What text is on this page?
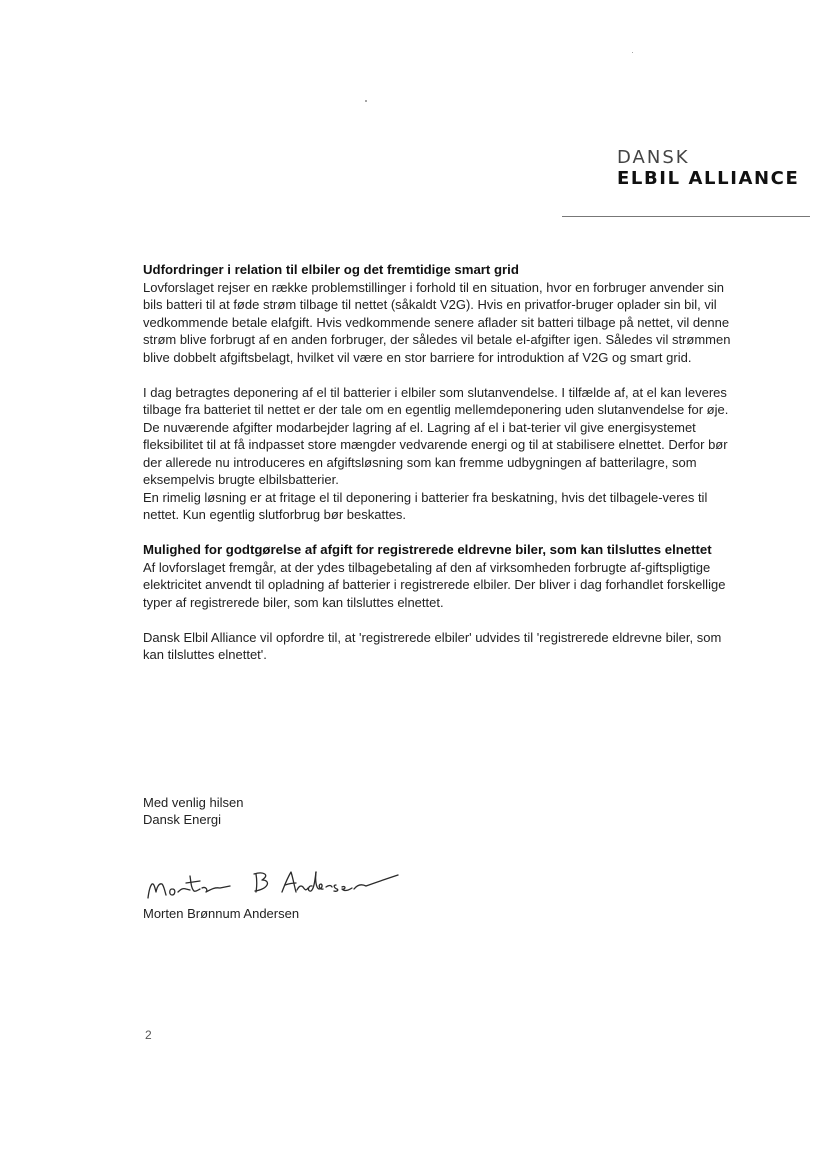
DANSK
ELBIL ALLIANCE
Udfordringer i relation til elbiler og det fremtidige smart grid

Lovforslaget rejser en række problemstillinger i forhold til en situation, hvor en forbruger anvender sin bils batteri til at føde strøm tilbage til nettet (såkaldt V2G). Hvis en privatfor-bruger oplader sin bil, vil vedkommende betale elafgift. Hvis vedkommende senere aflader sit batteri tilbage på nettet, vil denne strøm blive forbrugt af en anden forbruger, der således vil betale el-afgifter igen. Således vil strømmen blive dobbelt afgiftsbelagt, hvilket vil være en stor barriere for introduktion af V2G og smart grid.

I dag betragtes deponering af el til batterier i elbiler som slutanvendelse. I tilfælde af, at el kan leveres tilbage fra batteriet til nettet er der tale om en egentlig mellemdeponering uden slutanvendelse for øje. De nuværende afgifter modarbejder lagring af el. Lagring af el i bat-terier vil give energisystemet fleksibilitet til at få indpasset store mængder vedvarende energi og til at stabilisere elnettet. Derfor bør der allerede nu introduceres en afgiftsløsning som kan fremme udbygningen af batterilagre, som eksempelvis brugte elbilsbatterier.

En rimelig løsning er at fritage el til deponering i batterier fra beskatning, hvis det tilbagele-veres til nettet. Kun egentlig slutforbrug bør beskattes.

Mulighed for godtgørelse af afgift for registrerede eldrevne biler, som kan tilsluttes elnettet

Af lovforslaget fremgår, at der ydes tilbagebetaling af den af virksomheden forbrugte af-giftspligtige elektricitet anvendt til opladning af batterier i registrerede elbiler. Der bliver i dag forhandlet forskellige typer af registrerede biler, som kan tilsluttes elnettet.

Dansk Elbil Alliance vil opfordre til, at 'registrerede elbiler' udvides til 'registrerede eldrevne biler, som kan tilsluttes elnettet'.

Med venlig hilsen
Dansk Energi
Morten Brønnum Andersen
2
